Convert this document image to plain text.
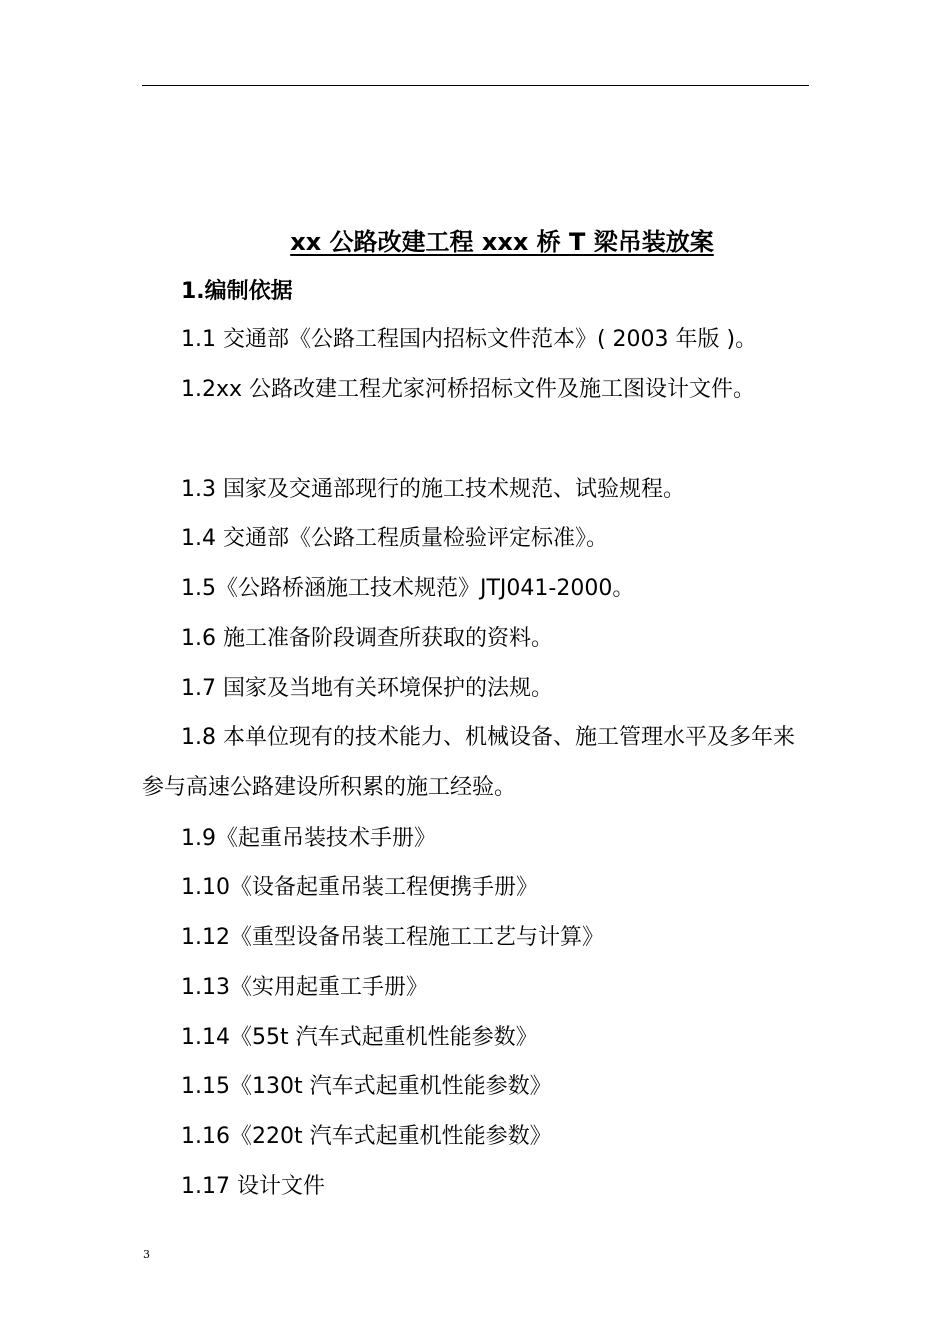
xx 公路改建工程 xxx 桥 T 梁吊装放案
1.编制依据
1.1 交通部《公路工程国内招标文件范本》( 2003 年版 )。
1.2xx 公路改建工程尤家河桥招标文件及施工图设计文件。
1.3 国家及交通部现行的施工技术规范、试验规程。
1.4 交通部《公路工程质量检验评定标准》。
1.5《公路桥涵施工技术规范》JTJ041-2000。
1.6 施工准备阶段调查所获取的资料。
1.7 国家及当地有关环境保护的法规。
1.8 本单位现有的技术能力、机械设备、施工管理水平及多年来参与高速公路建设所积累的施工经验。
1.9《起重吊装技术手册》
1.10《设备起重吊装工程便携手册》
1.12《重型设备吊装工程施工工艺与计算》
1.13《实用起重工手册》
1.14《55t 汽车式起重机性能参数》
1.15《130t 汽车式起重机性能参数》
1.16《220t 汽车式起重机性能参数》
1.17 设计文件
3
